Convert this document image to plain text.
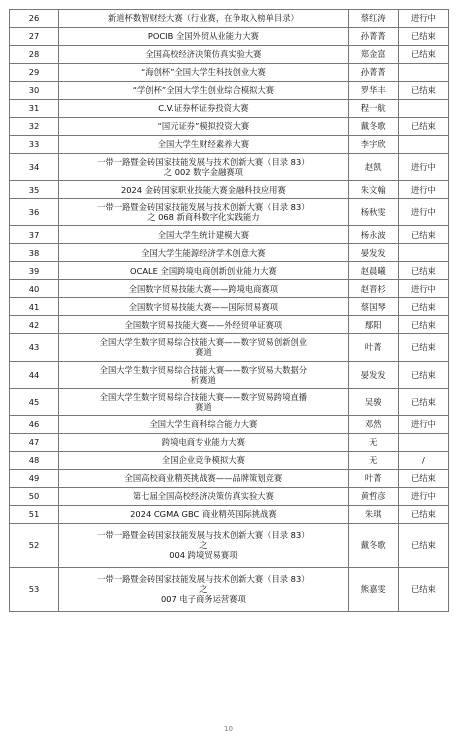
26	新道杯数智财经大赛（行业赛，在争取入榜单目录）	蔡红涛	进行中
27	POCIB 全国外贸从业能力大赛	孙菁菁	已结束
28	全国高校经济决策仿真实验大赛	郑金富	已结束
29	“海创杯”全国大学生科技创业大赛	孙菁菁	
30	“学创杯”全国大学生创业综合模拟大赛	罗华丰	已结束
31	C.V.证券杯证券投资大赛	程一航	
32	“国元证券”模拟投资大赛	戴冬歌	已结束
33	全国大学生财经素养大赛	李宇欣	
34	一带一路暨金砖国家技能发展与技术创新大赛（目录 83）
之 002 数字金融赛项	赵凯	进行中
35	2024 金砖国家职业技能大赛金融科技应用赛	朱文翰	进行中
36	一带一路暨金砖国家技能发展与技术创新大赛（目录 83）
之 068 新商科数字化实践能力	杨秋雯	进行中
37	全国大学生统计建模大赛	杨永波	已结束
38	全国大学生能源经济学术创意大赛	晏发发	
39	OCALE 全国跨境电商创新创业能力大赛	赵晨曦	已结束
40	全国数字贸易技能大赛——跨境电商赛项	赵晋杉	进行中
41	全国数字贸易技能大赛——国际贸易赛项	蔡国琴	已结束
42	全国数字贸易技能大赛——外经贸单证赛项	鄢阳	已结束
43	全国大学生数字贸易综合技能大赛——数字贸易创新创业
赛道	叶菁	已结束
44	全国大学生数字贸易综合技能大赛——数字贸易大数据分
析赛道	晏发发	已结束
45	全国大学生数字贸易综合技能大赛——数字贸易跨境直播
赛道	吴骏	已结束
46	全国大学生商科综合能力大赛	邓然	进行中
47	跨境电商专业能力大赛	无	
48	全国企业竞争模拟大赛	无	/
49	全国高校商业精英挑战赛——品牌策划竞赛	叶菁	已结束
50	第七届全国高校经济决策仿真实验大赛	黄哲彦	进行中
51	2024 CGMA GBC 商业精英国际挑战赛	朱琪	已结束
52	一带一路暨金砖国家技能发展与技术创新大赛（目录 83）
之
004 跨境贸易赛项	戴冬歌	已结束
53	一带一路暨金砖国家技能发展与技术创新大赛（目录 83）
之
007 电子商务运营赛项	熊嘉雯	已结束
10
